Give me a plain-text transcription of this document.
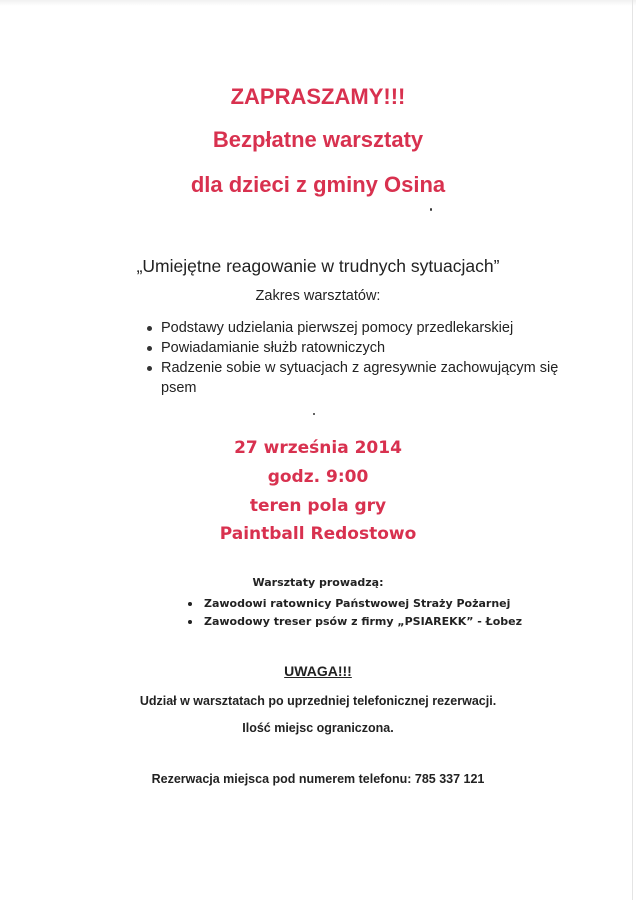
ZAPRASZAMY!!!
Bezpłatne warsztaty
dla dzieci z gminy Osina
„Umiejętne reagowanie w trudnych sytuacjach”
Zakres warsztatów:
Podstawy udzielania pierwszej pomocy przedlekarskiej
Powiadamianie służb ratowniczych
Radzenie sobie w sytuacjach z agresywnie zachowującym się psem
27 września 2014
godz. 9:00
teren pola gry
Paintball Redostowo
Warsztaty prowadzą:
Zawodowi ratownicy Państwowej Straży Pożarnej
Zawodowy treser psów z firmy „PSIAREKK” - Łobez
UWAGA!!!
Udział w warsztatach po uprzedniej telefonicznej rezerwacji.
Ilość miejsc ograniczona.
Rezerwacja miejsca pod numerem telefonu: 785 337 121
